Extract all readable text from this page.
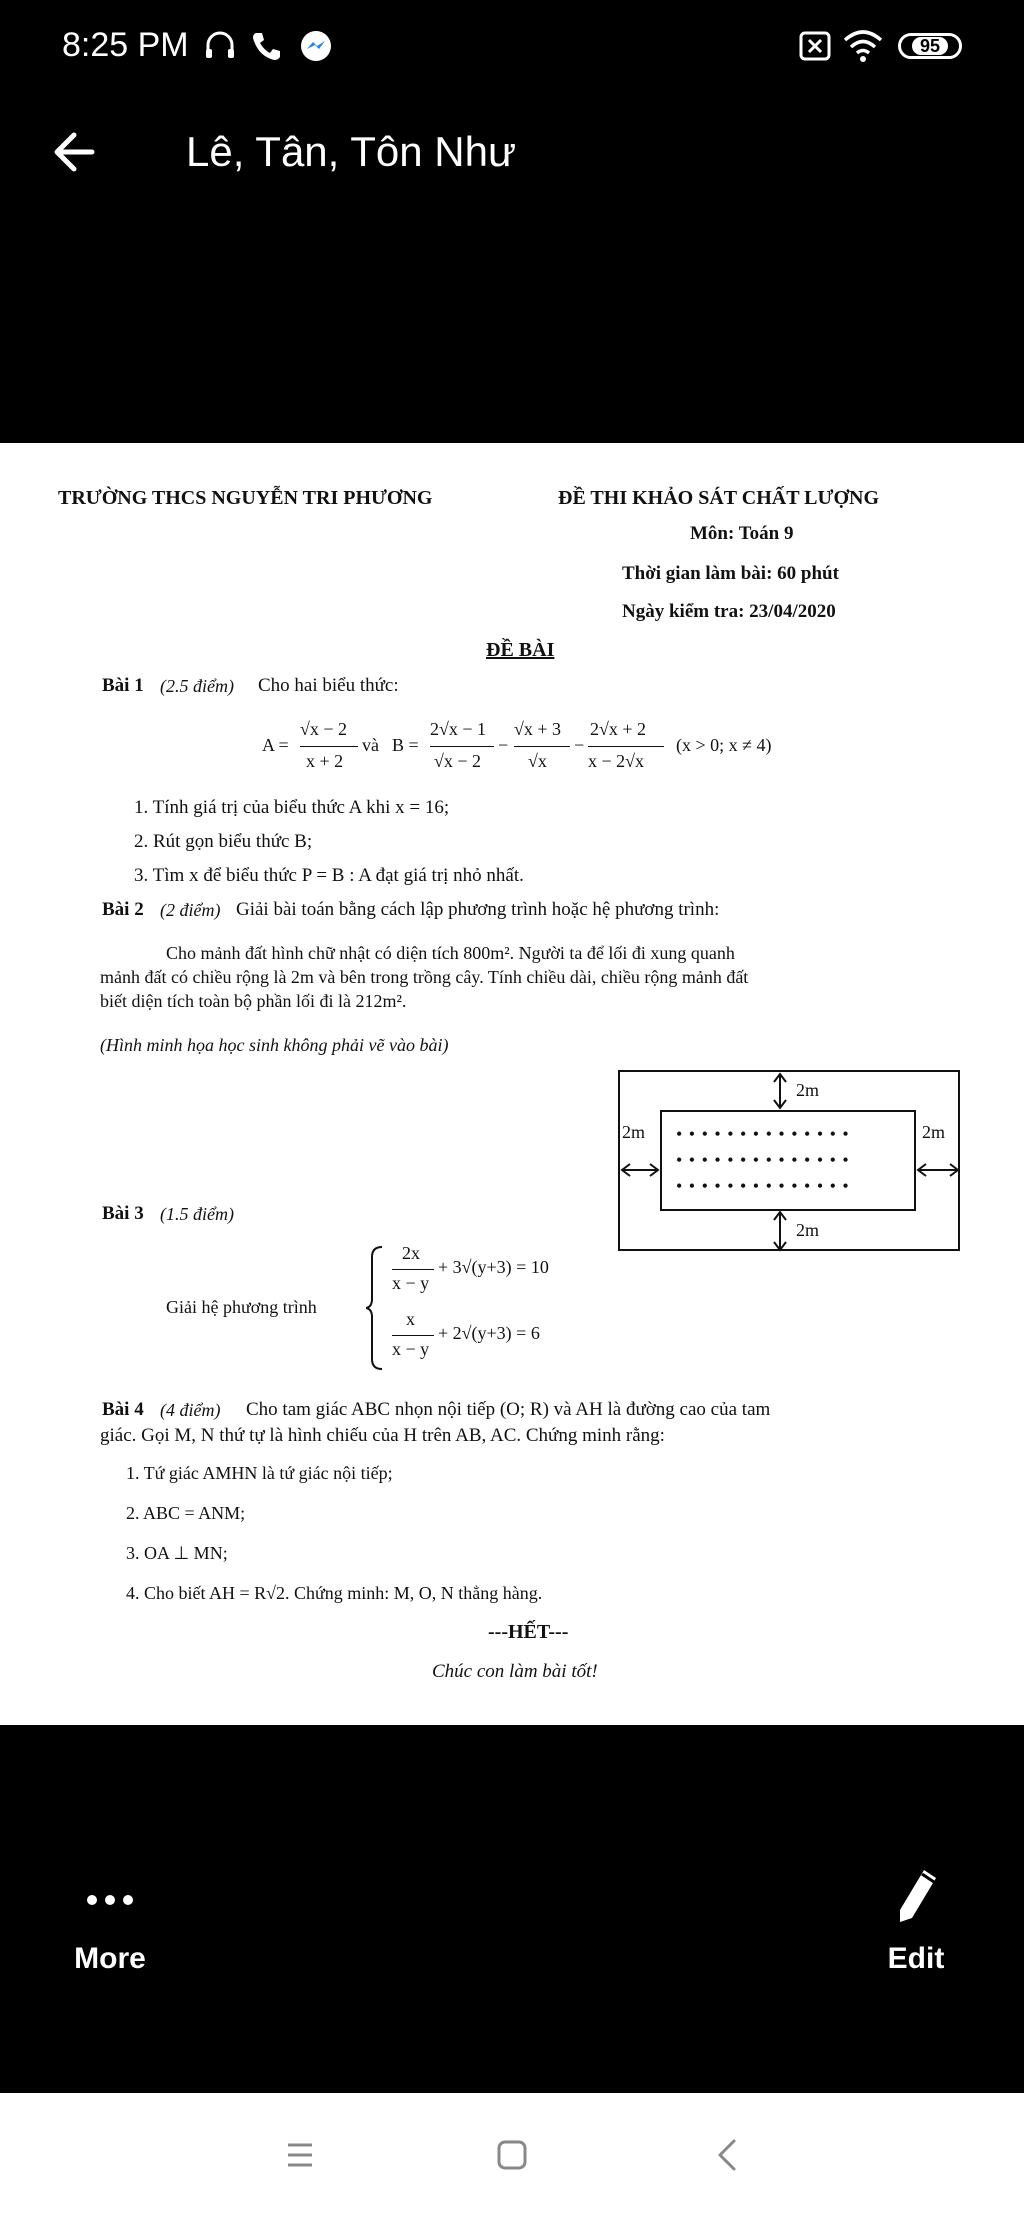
8:25 PM	95
Lê, Tân, Tôn Như
TRƯỜNG THCS NGUYỄN TRI PHƯƠNG	ĐỀ THI KHẢO SÁT CHẤT LƯỢNG
Môn: Toán 9
Thời gian làm bài: 60 phút
Ngày kiểm tra: 23/04/2020
ĐỀ BÀI
Bài 1 (2.5 điểm) Cho hai biểu thức:
A =
√x − 2
x + 2
và B =
2√x − 1
√x − 2
−
√x + 3
√x
−
2√x + 2
x − 2√x
(x > 0; x ≠ 4)
1. Tính giá trị của biểu thức A khi x = 16;
2. Rút gọn biểu thức B;
3. Tìm x để biểu thức P = B : A đạt giá trị nhỏ nhất.
Bài 2 (2 điểm) Giải bài toán bằng cách lập phương trình hoặc hệ phương trình:
Cho mảnh đất hình chữ nhật có diện tích 800m². Người ta để lối đi xung quanh
mảnh đất có chiều rộng là 2m và bên trong trồng cây. Tính chiều dài, chiều rộng mảnh đất
biết diện tích toàn bộ phần lối đi là 212m².
(Hình minh họa học sinh không phải vẽ vào bài)
• • • • • • • • • • • • • •
• • • • • • • • • • • • • •
• • • • • • • • • • • • • •
2m
2m
2m	2m
Bài 3 (1.5 điểm)
Giải hệ phương trình
2x
x − y
+ 3√(y+3) = 10
x
x − y
+ 2√(y+3) = 6
Bài 4 (4 điểm) Cho tam giác ABC nhọn nội tiếp (O; R) và AH là đường cao của tam
giác. Gọi M, N thứ tự là hình chiếu của H trên AB, AC. Chứng minh rằng:
1. Tứ giác AMHN là tứ giác nội tiếp;
2. ABC = ANM;
3. OA ⊥ MN;
4. Cho biết AH = R√2. Chứng minh: M, O, N thẳng hàng.
---HẾT---
Chúc con làm bài tốt!
More	Edit
